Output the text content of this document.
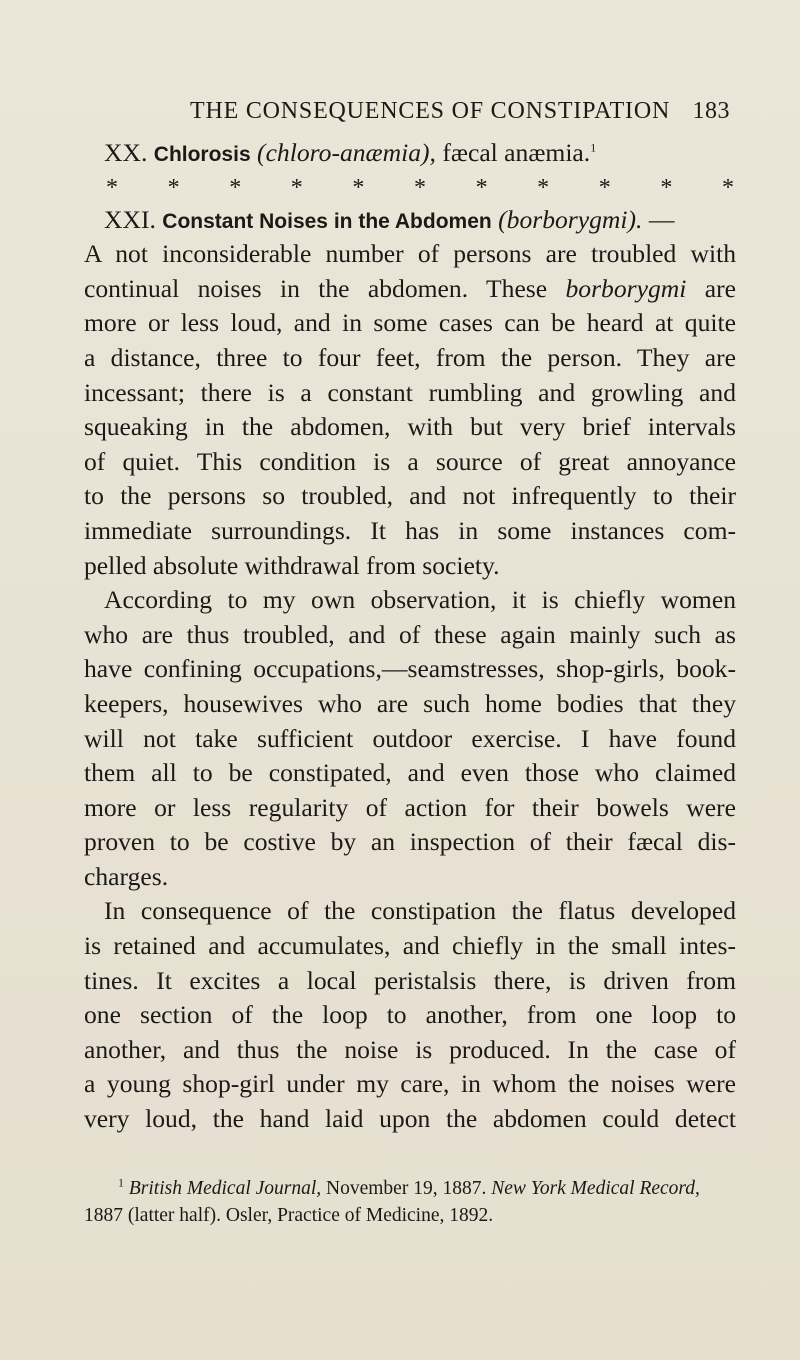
THE CONSEQUENCES OF CONSTIPATION 183
XX. Chlorosis (chloro-anæmia), fæcal anæmia.$^1$
* * * * * * * * * * *
XXI. Constant Noises in the Abdomen (borborygmi). —
A not inconsiderable number of persons are troubled with
continual noises in the abdomen. These borborygmi are
more or less loud, and in some cases can be heard at quite
a distance, three to four feet, from the person. They are
incessant; there is a constant rumbling and growling and
squeaking in the abdomen, with but very brief intervals
of quiet. This condition is a source of great annoyance
to the persons so troubled, and not infrequently to their
immediate surroundings. It has in some instances com-
pelled absolute withdrawal from society.
According to my own observation, it is chiefly women
who are thus troubled, and of these again mainly such as
have confining occupations,—seamstresses, shop-girls, book-
keepers, housewives who are such home bodies that they
will not take sufficient outdoor exercise. I have found
them all to be constipated, and even those who claimed
more or less regularity of action for their bowels were
proven to be costive by an inspection of their fæcal dis-
charges.
In consequence of the constipation the flatus developed
is retained and accumulates, and chiefly in the small intes-
tines. It excites a local peristalsis there, is driven from
one section of the loop to another, from one loop to
another, and thus the noise is produced. In the case of
a young shop-girl under my care, in whom the noises were
very loud, the hand laid upon the abdomen could detect
$^1$ British Medical Journal, November 19, 1887. New York Medical Record,
1887 (latter half). Osler, Practice of Medicine, 1892.
